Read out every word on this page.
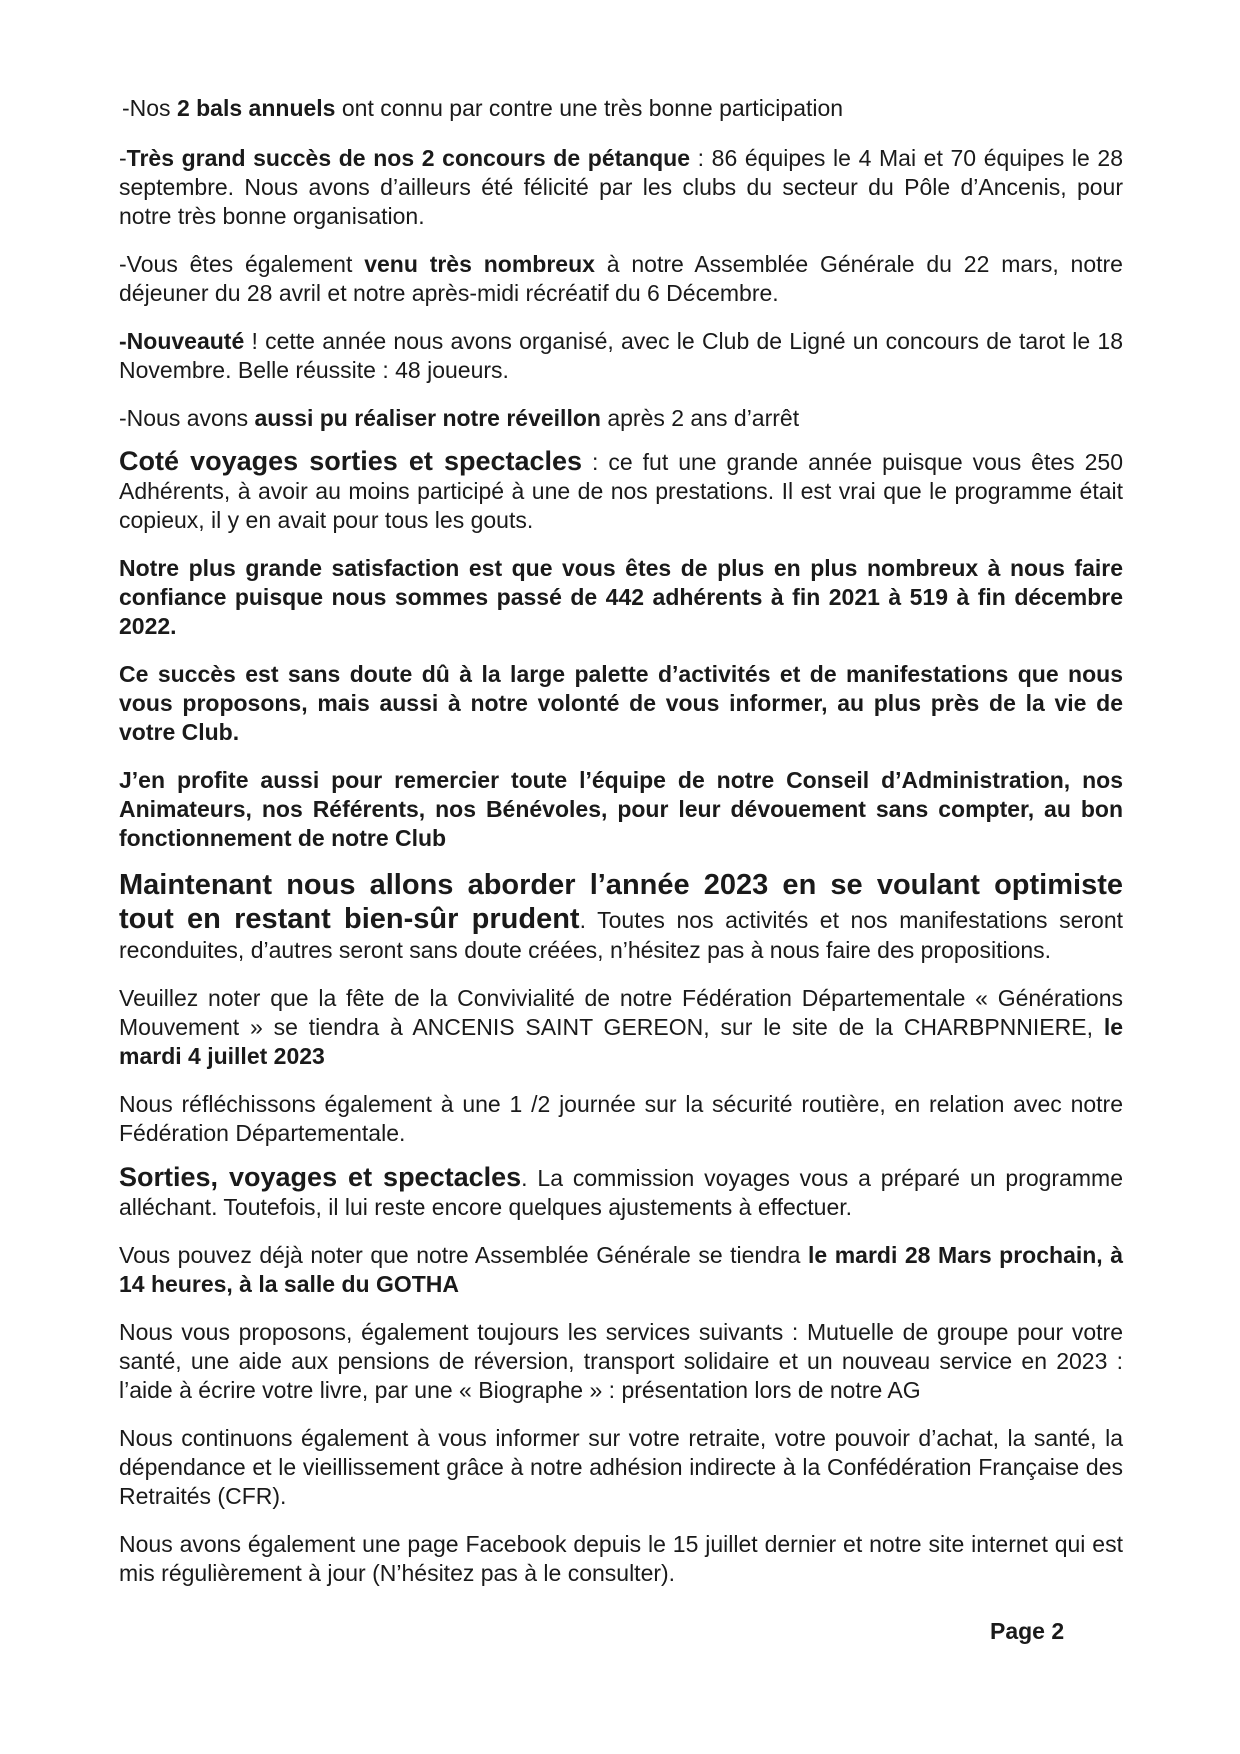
-Nos 2 bals annuels ont connu par contre une très bonne participation

-Très grand succès de nos 2 concours de pétanque : 86 équipes le 4 Mai et 70 équipes le 28 septembre. Nous avons d’ailleurs été félicité par les clubs du secteur du Pôle d’Ancenis, pour notre très bonne organisation.

-Vous êtes également venu très nombreux à notre Assemblée Générale du 22 mars, notre déjeuner du 28 avril et notre après-midi récréatif du 6 Décembre.

-Nouveauté ! cette année nous avons organisé, avec le Club de Ligné un concours de tarot le 18 Novembre. Belle réussite : 48 joueurs.

-Nous avons aussi pu réaliser notre réveillon après 2 ans d’arrêt

Coté voyages sorties et spectacles : ce fut une grande année puisque vous êtes 250 Adhérents, à avoir au moins participé à une de nos prestations. Il est vrai que le programme était copieux, il y en avait pour tous les gouts.

Notre plus grande satisfaction est que vous êtes de plus en plus nombreux à nous faire confiance puisque nous sommes passé de 442 adhérents à fin 2021 à 519 à fin décembre 2022.

Ce succès est sans doute dû à la large palette d’activités et de manifestations que nous vous proposons, mais aussi à notre volonté de vous informer, au plus près de la vie de votre Club.

J’en profite aussi pour remercier toute l’équipe de notre Conseil d’Administration, nos Animateurs, nos Référents, nos Bénévoles, pour leur dévouement sans compter, au bon fonctionnement de notre Club

Maintenant nous allons aborder l’année 2023 en se voulant optimiste tout en restant bien-sûr prudent. Toutes nos activités et nos manifestations seront reconduites, d’autres seront sans doute créées, n’hésitez pas à nous faire des propositions.

Veuillez noter que la fête de la Convivialité de notre Fédération Départementale « Générations Mouvement » se tiendra à ANCENIS SAINT GEREON, sur le site de la CHARBPNNIERE, le mardi 4 juillet 2023

Nous réfléchissons également à une 1 /2 journée sur la sécurité routière, en relation avec notre Fédération Départementale.

Sorties, voyages et spectacles. La commission voyages vous a préparé un programme alléchant. Toutefois, il lui reste encore quelques ajustements à effectuer.

Vous pouvez déjà noter que notre Assemblée Générale se tiendra le mardi 28 Mars prochain, à 14 heures, à la salle du GOTHA

Nous vous proposons, également toujours les services suivants : Mutuelle de groupe pour votre santé, une aide aux pensions de réversion, transport solidaire et un nouveau service en 2023 : l’aide à écrire votre livre, par une « Biographe » : présentation lors de notre AG

Nous continuons également à vous informer sur votre retraite, votre pouvoir d’achat, la santé, la dépendance et le vieillissement grâce à notre adhésion indirecte à la Confédération Française des Retraités (CFR).

Nous avons également une page Facebook depuis le 15 juillet dernier et notre site internet qui est mis régulièrement à jour (N’hésitez pas à le consulter).

Page 2
